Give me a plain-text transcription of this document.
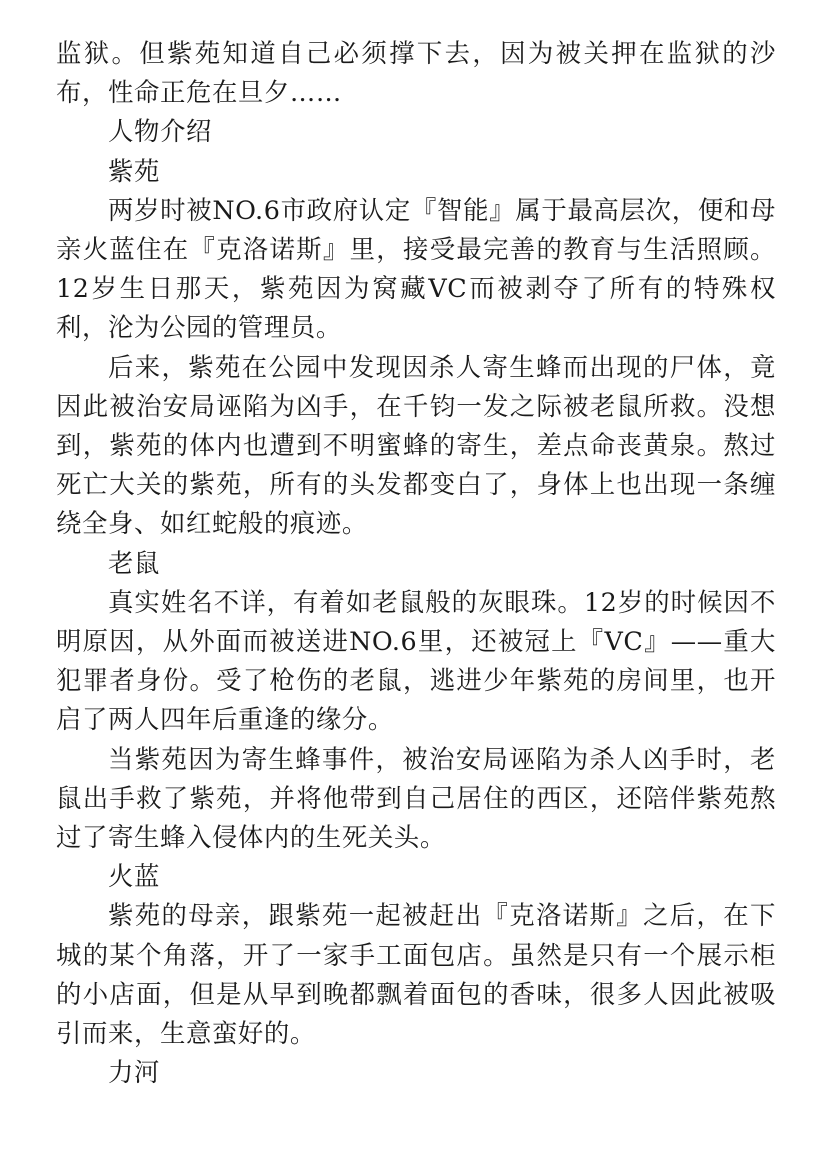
监狱。但紫苑知道自己必须撑下去，因为被关押在监狱的沙布，性命正危在旦夕……

人物介绍

紫苑

两岁时被NO.6市政府认定『智能』属于最高层次，便和母亲火蓝住在『克洛诺斯』里，接受最完善的教育与生活照顾。12岁生日那天，紫苑因为窝藏VC而被剥夺了所有的特殊权利，沦为公园的管理员。

后来，紫苑在公园中发现因杀人寄生蜂而出现的尸体，竟因此被治安局诬陷为凶手，在千钧一发之际被老鼠所救。没想到，紫苑的体内也遭到不明蜜蜂的寄生，差点命丧黄泉。熬过死亡大关的紫苑，所有的头发都变白了，身体上也出现一条缠绕全身、如红蛇般的痕迹。

老鼠

真实姓名不详，有着如老鼠般的灰眼珠。12岁的时候因不明原因，从外面而被送进NO.6里，还被冠上『VC』——重大犯罪者身份。受了枪伤的老鼠，逃进少年紫苑的房间里，也开启了两人四年后重逢的缘分。

当紫苑因为寄生蜂事件，被治安局诬陷为杀人凶手时，老鼠出手救了紫苑，并将他带到自己居住的西区，还陪伴紫苑熬过了寄生蜂入侵体内的生死关头。

火蓝

紫苑的母亲，跟紫苑一起被赶出『克洛诺斯』之后，在下城的某个角落，开了一家手工面包店。虽然是只有一个展示柜的小店面，但是从早到晚都飘着面包的香味，很多人因此被吸引而来，生意蛮好的。

力河
